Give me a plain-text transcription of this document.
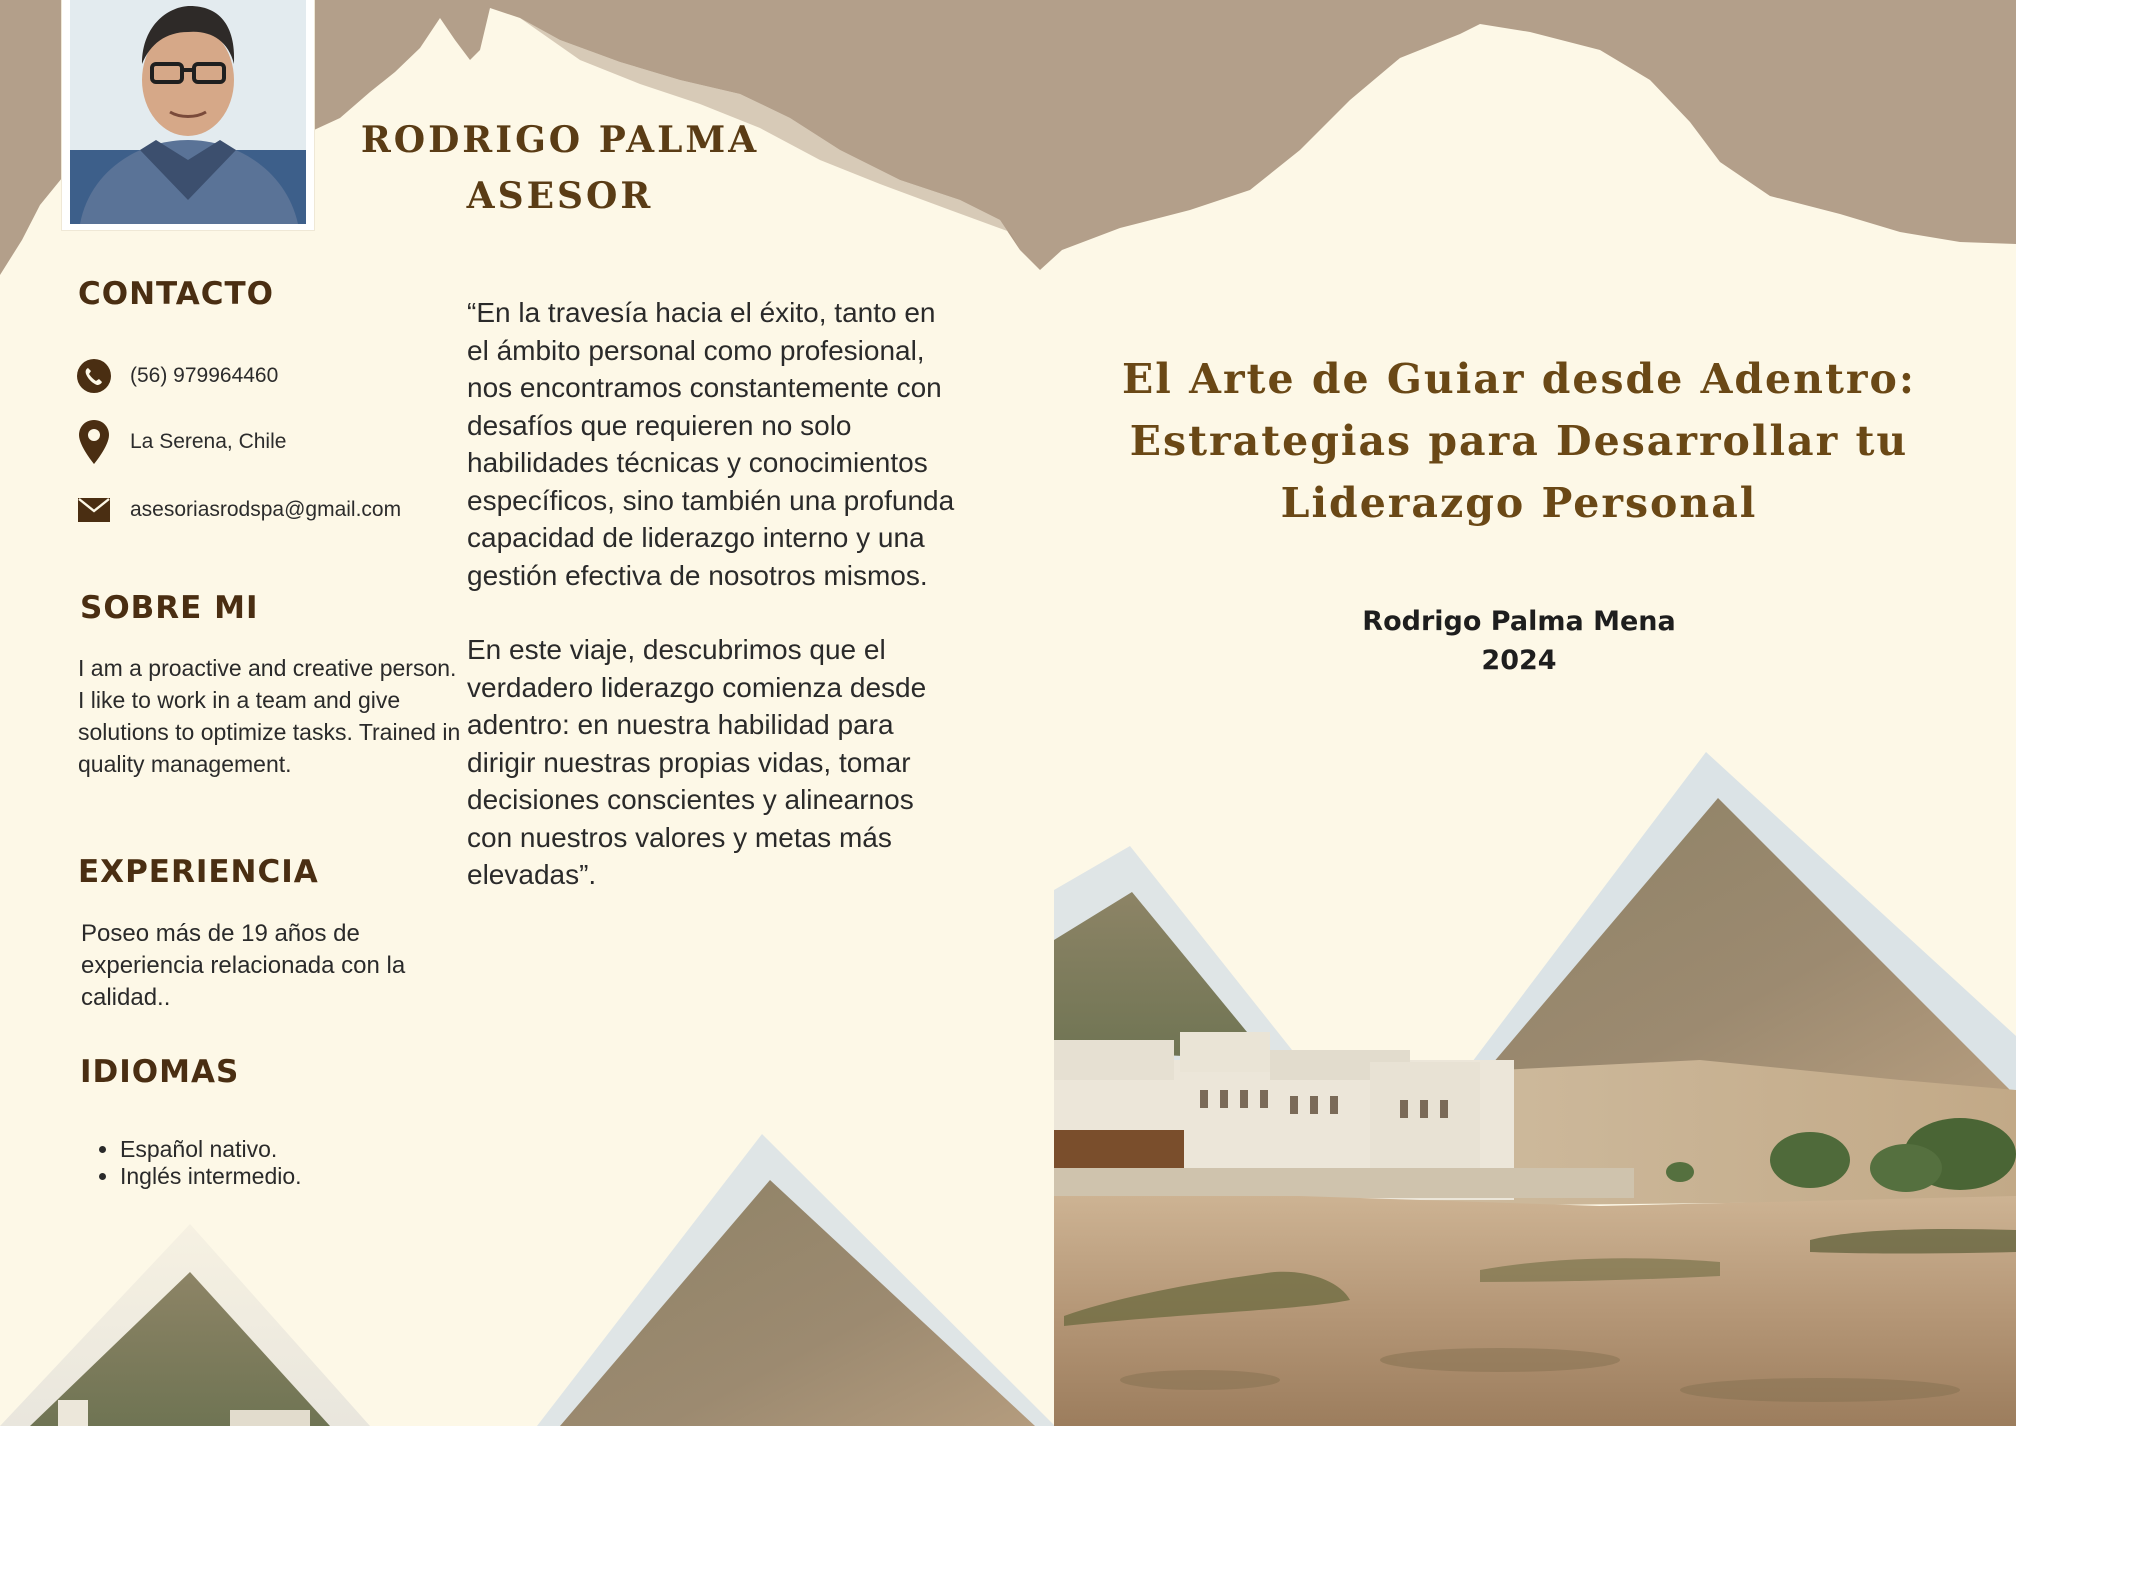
RODRIGO PALMA
ASESOR
CONTACTO
(56) 979964460
La Serena, Chile
asesoriasrodspa@gmail.com
SOBRE MI
I am a proactive and creative person. I like to work in a team and give solutions to optimize tasks. Trained in quality management.
EXPERIENCIA
Poseo más de 19 años de experiencia relacionada con la calidad..
IDIOMAS
• Español nativo.
• Inglés intermedio.

“En la travesía hacia el éxito, tanto en el ámbito personal como profesional, nos encontramos constantemente con desafíos que requieren no solo habilidades técnicas y conocimientos específicos, sino también una profunda capacidad de liderazgo interno y una gestión efectiva de nosotros mismos.

En este viaje, descubrimos que el verdadero liderazgo comienza desde adentro: en nuestra habilidad para dirigir nuestras propias vidas, tomar decisiones conscientes y alinearnos con nuestros valores y metas más elevadas”.

El Arte de Guiar desde Adentro:
Estrategias para Desarrollar tu
Liderazgo Personal
Rodrigo Palma Mena
2024
